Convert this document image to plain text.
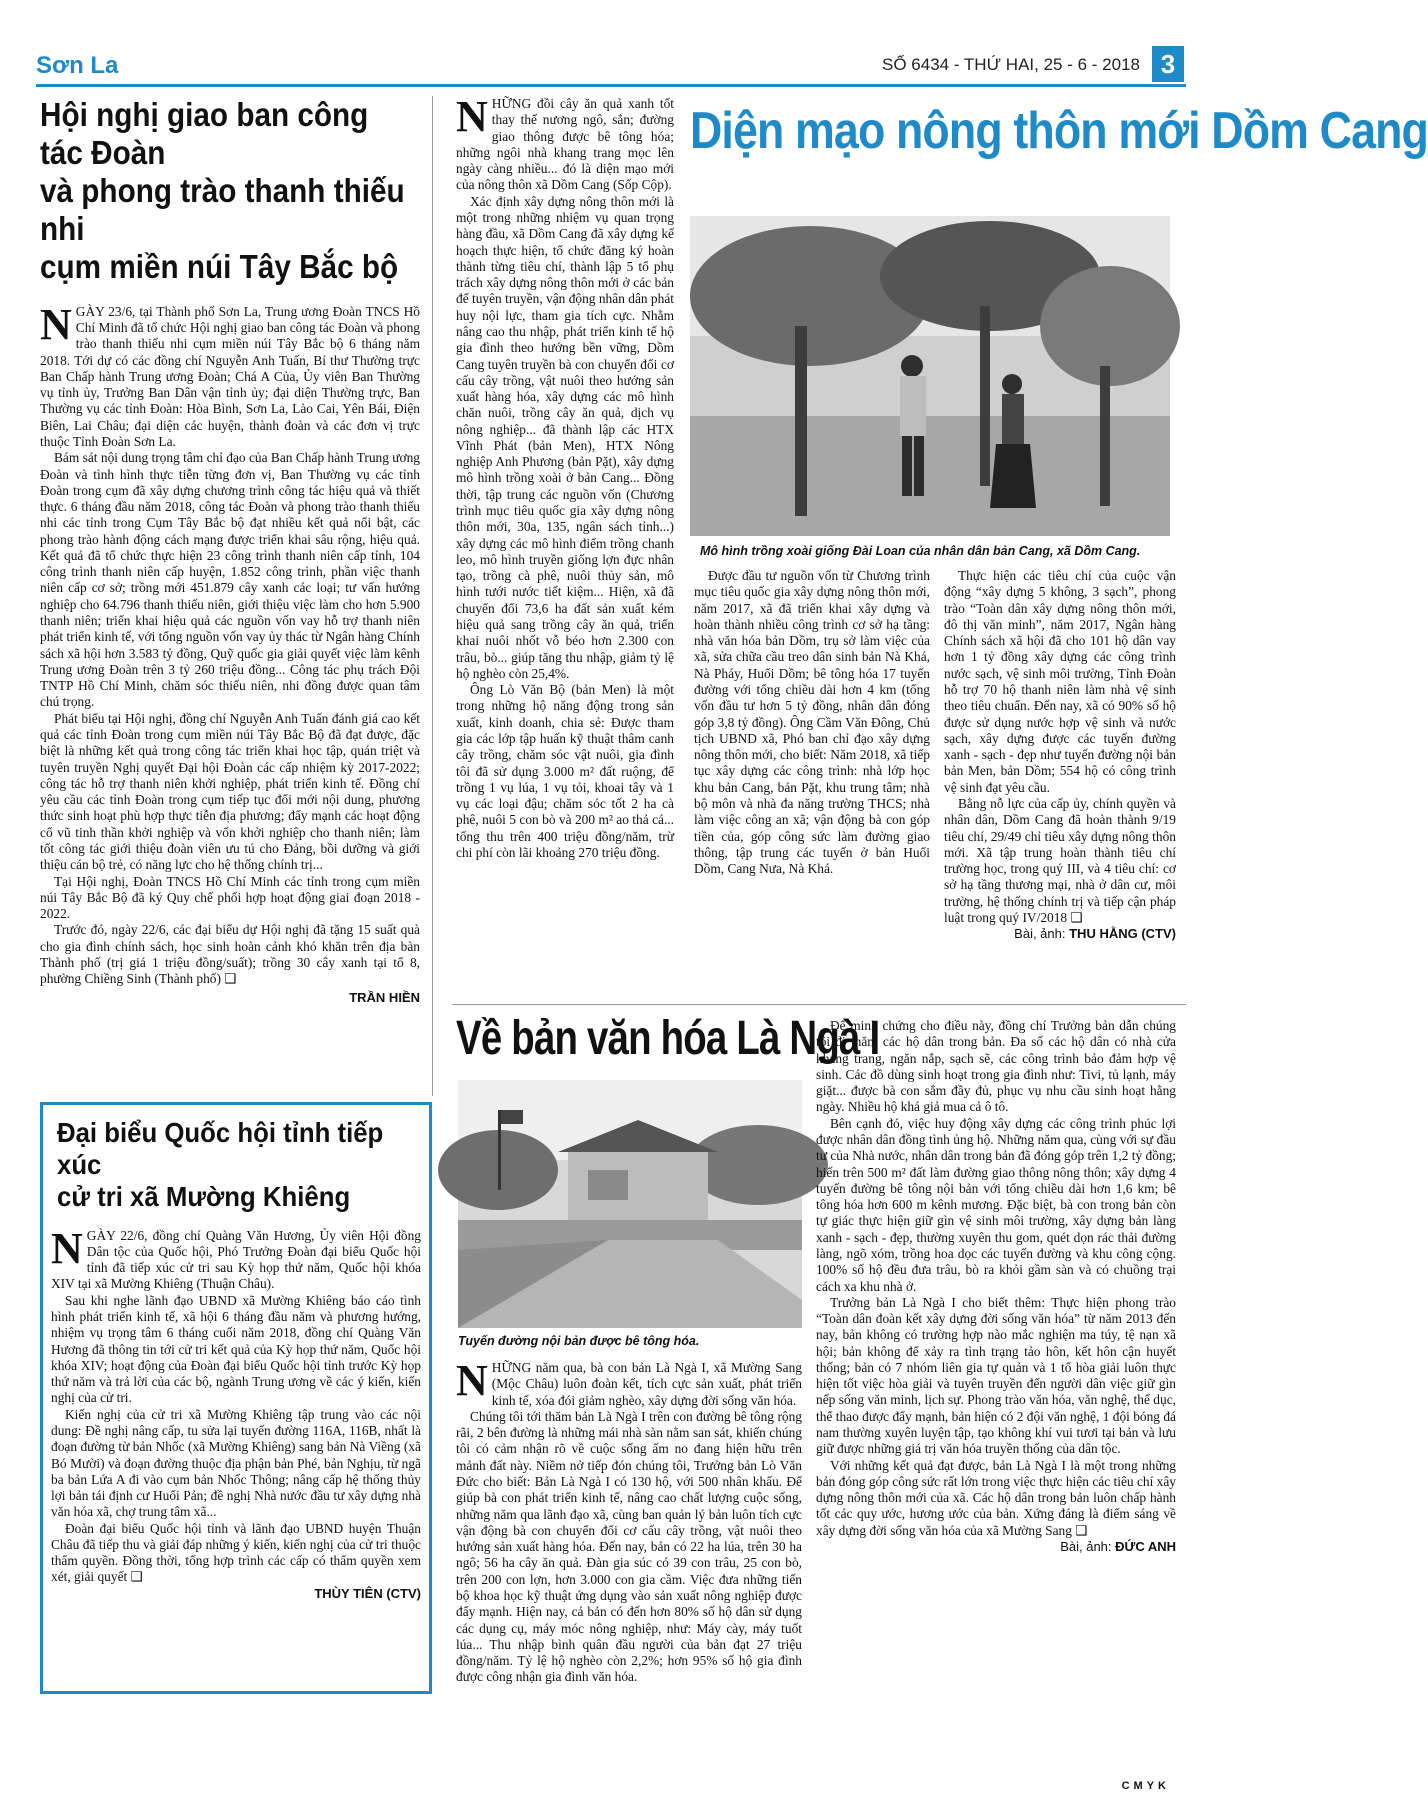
Sơn La	SỐ 6434 - THỨ HAI, 25 - 6 - 2018 3
Hội nghị giao ban công tác Đoàn
và phong trào thanh thiếu nhi
cụm miền núi Tây Bắc bộ

NGÀY 23/6, tại Thành phố Sơn La, Trung ương Đoàn TNCS Hồ Chí Minh đã tổ chức Hội nghị giao ban công tác Đoàn và phong trào thanh thiếu nhi cụm miền núi Tây Bắc bộ 6 tháng năm 2018. Tới dự có các đồng chí Nguyễn Anh Tuấn, Bí thư Thường trực Ban Chấp hành Trung ương Đoàn; Chá A Của, Ủy viên Ban Thường vụ tỉnh ủy, Trưởng Ban Dân vận tỉnh ủy; đại diện Thường trực, Ban Thường vụ các tỉnh Đoàn: Hòa Bình, Sơn La, Lào Cai, Yên Bái, Điện Biên, Lai Châu; đại diện các huyện, thành đoàn và các đơn vị trực thuộc Tỉnh Đoàn Sơn La.

Bám sát nội dung trọng tâm chỉ đạo của Ban Chấp hành Trung ương Đoàn và tình hình thực tiễn từng đơn vị, Ban Thường vụ các tỉnh Đoàn trong cụm đã xây dựng chương trình công tác hiệu quả và thiết thực. 6 tháng đầu năm 2018, công tác Đoàn và phong trào thanh thiếu nhi các tỉnh trong Cụm Tây Bắc bộ đạt nhiều kết quả nổi bật, các phong trào hành động cách mạng được triển khai sâu rộng, hiệu quả. Kết quả đã tổ chức thực hiện 23 công trình thanh niên cấp tỉnh, 104 công trình thanh niên cấp huyện, 1.852 công trình, phần việc thanh niên cấp cơ sở; trồng mới 451.879 cây xanh các loại; tư vấn hướng nghiệp cho 64.796 thanh thiếu niên, giới thiệu việc làm cho hơn 5.900 thanh niên; triển khai hiệu quả các nguồn vốn vay hỗ trợ thanh niên phát triển kinh tế, với tổng nguồn vốn vay ủy thác từ Ngân hàng Chính sách xã hội hơn 3.583 tỷ đồng, Quỹ quốc gia giải quyết việc làm kênh Trung ương Đoàn trên 3 tỷ 260 triệu đồng... Công tác phụ trách Đội TNTP Hồ Chí Minh, chăm sóc thiếu niên, nhi đồng được quan tâm chú trọng.

Phát biểu tại Hội nghị, đồng chí Nguyễn Anh Tuấn đánh giá cao kết quả các tỉnh Đoàn trong cụm miền núi Tây Bắc Bộ đã đạt được, đặc biệt là những kết quả trong công tác triển khai học tập, quán triệt và tuyên truyền Nghị quyết Đại hội Đoàn các cấp nhiệm kỳ 2017-2022; công tác hỗ trợ thanh niên khởi nghiệp, phát triển kinh tế. Đồng chí yêu cầu các tỉnh Đoàn trong cụm tiếp tục đổi mới nội dung, phương thức sinh hoạt phù hợp thực tiễn địa phương; đẩy mạnh các hoạt động cổ vũ tinh thần khởi nghiệp và vốn khởi nghiệp cho thanh niên; làm tốt công tác giới thiệu đoàn viên ưu tú cho Đảng, bồi dưỡng và giới thiệu cán bộ trẻ, có năng lực cho hệ thống chính trị...

Tại Hội nghị, Đoàn TNCS Hồ Chí Minh các tỉnh trong cụm miền núi Tây Bắc Bộ đã ký Quy chế phối hợp hoạt động giai đoạn 2018 - 2022.

Trước đó, ngày 22/6, các đại biểu dự Hội nghị đã tặng 15 suất quà cho gia đình chính sách, học sinh hoàn cảnh khó khăn trên địa bàn Thành phố (trị giá 1 triệu đồng/suất); trồng 30 cây xanh tại tổ 8, phường Chiềng Sinh (Thành phố) ❑

TRẦN HIỀN
Đại biểu Quốc hội tỉnh tiếp xúc
cử tri xã Mường Khiêng

NGÀY 22/6, đồng chí Quàng Văn Hương, Ủy viên Hội đồng Dân tộc của Quốc hội, Phó Trưởng Đoàn đại biểu Quốc hội tỉnh đã tiếp xúc cử tri sau Kỳ họp thứ năm, Quốc hội khóa XIV tại xã Mường Khiêng (Thuận Châu).

Sau khi nghe lãnh đạo UBND xã Mường Khiêng báo cáo tình hình phát triển kinh tế, xã hội 6 tháng đầu năm và phương hướng, nhiệm vụ trọng tâm 6 tháng cuối năm 2018, đồng chí Quàng Văn Hương đã thông tin tới cử tri kết quả của Kỳ họp thứ năm, Quốc hội khóa XIV; hoạt động của Đoàn đại biểu Quốc hội tỉnh trước Kỳ họp thứ năm và trả lời của các bộ, ngành Trung ương về các ý kiến, kiến nghị của cử tri.

Kiến nghị của cử tri xã Mường Khiêng tập trung vào các nội dung: Đề nghị nâng cấp, tu sửa lại tuyến đường 116A, 116B, nhất là đoạn đường từ bản Nhốc (xã Mường Khiêng) sang bản Nà Viềng (xã Bó Mười) và đoạn đường thuộc địa phận bản Phé, bản Nghịu, từ ngã ba bản Lứa A đi vào cụm bản Nhốc Thông; nâng cấp hệ thống thủy lợi bản tái định cư Huổi Pản; đề nghị Nhà nước đầu tư xây dựng nhà văn hóa xã, chợ trung tâm xã...

Đoàn đại biểu Quốc hội tỉnh và lãnh đạo UBND huyện Thuận Châu đã tiếp thu và giải đáp những ý kiến, kiến nghị của cử tri thuộc thẩm quyền. Đồng thời, tổng hợp trình các cấp có thẩm quyền xem xét, giải quyết ❑

THÙY TIÊN (CTV)

NHỮNG đồi cây ăn quả xanh tốt thay thế nương ngô, sắn; đường giao thông được bê tông hóa; những ngôi nhà khang trang mọc lên ngày càng nhiều... đó là diện mạo mới của nông thôn xã Dồm Cang (Sốp Cộp).

Xác định xây dựng nông thôn mới là một trong những nhiệm vụ quan trọng hàng đầu, xã Dồm Cang đã xây dựng kế hoạch thực hiện, tổ chức đăng ký hoàn thành từng tiêu chí, thành lập 5 tổ phụ trách xây dựng nông thôn mới ở các bản để tuyên truyền, vận động nhân dân phát huy nội lực, tham gia tích cực. Nhằm nâng cao thu nhập, phát triển kinh tế hộ gia đình theo hướng bền vững, Dồm Cang tuyên truyền bà con chuyển đổi cơ cấu cây trồng, vật nuôi theo hướng sản xuất hàng hóa, xây dựng các mô hình chăn nuôi, trồng cây ăn quả, dịch vụ nông nghiệp... đã thành lập các HTX Vĩnh Phát (bản Men), HTX Nông nghiệp Anh Phương (bản Pặt), xây dựng mô hình trồng xoài ở bản Cang... Đồng thời, tập trung các nguồn vốn (Chương trình mục tiêu quốc gia xây dựng nông thôn mới, 30a, 135, ngân sách tỉnh...) xây dựng các mô hình điểm trồng chanh leo, mô hình truyền giống lợn đực nhân tạo, trồng cà phê, nuôi thủy sản, mô hình tưới nước tiết kiệm... Hiện, xã đã chuyển đổi 73,6 ha đất sản xuất kém hiệu quả sang trồng cây ăn quả, triển khai nuôi nhốt vỗ béo hơn 2.300 con trâu, bò... giúp tăng thu nhập, giảm tỷ lệ hộ nghèo còn 25,4%.

Ông Lò Văn Bộ (bản Men) là một trong những hộ năng động trong sản xuất, kinh doanh, chia sẻ: Được tham gia các lớp tập huấn kỹ thuật thâm canh cây trồng, chăm sóc vật nuôi, gia đình tôi đã sử dụng 3.000 m² đất ruộng, để trồng 1 vụ lúa, 1 vụ tỏi, khoai tây và 1 vụ các loại đậu; chăm sóc tốt 2 ha cà phê, nuôi 5 con bò và 200 m² ao thả cá... tổng thu trên 400 triệu đồng/năm, trừ chi phí còn lãi khoảng 270 triệu đồng.

Diện mạo nông thôn mới Dồm Cang
Mô hình trồng xoài giống Đài Loan của nhân dân bản Cang, xã Dồm Cang.

Được đầu tư nguồn vốn từ Chương trình mục tiêu quốc gia xây dựng nông thôn mới, năm 2017, xã đã triển khai xây dựng và hoàn thành nhiều công trình cơ sở hạ tầng: nhà văn hóa bản Dồm, trụ sở làm việc của xã, sửa chữa cầu treo dân sinh bản Nà Khá, Nà Pháy, Huổi Dồm; bê tông hóa 17 tuyến đường với tổng chiều dài hơn 4 km (tổng vốn đầu tư hơn 5 tỷ đồng, nhân dân đóng góp 3,8 tỷ đồng). Ông Cầm Văn Đông, Chủ tịch UBND xã, Phó ban chỉ đạo xây dựng nông thôn mới, cho biết: Năm 2018, xã tiếp tục xây dựng các công trình: nhà lớp học khu bản Cang, bản Pặt, khu trung tâm; nhà bộ môn và nhà đa năng trường THCS; nhà làm việc công an xã; vận động bà con góp tiền của, góp công sức làm đường giao thông, tập trung các tuyến ở bản Huổi Dồm, Cang Nưa, Nà Khá.

Thực hiện các tiêu chí của cuộc vận động “xây dựng 5 không, 3 sạch”, phong trào “Toàn dân xây dựng nông thôn mới, đô thị văn minh”, năm 2017, Ngân hàng Chính sách xã hội đã cho 101 hộ dân vay hơn 1 tỷ đồng xây dựng các công trình nước sạch, vệ sinh môi trường, Tỉnh Đoàn hỗ trợ 70 hộ thanh niên làm nhà vệ sinh theo tiêu chuẩn. Đến nay, xã có 90% số hộ được sử dụng nước hợp vệ sinh và nước sạch, xây dựng được các tuyến đường xanh - sạch - đẹp như tuyến đường nội bản bản Men, bản Dồm; 554 hộ có công trình vệ sinh đạt yêu cầu.

Bằng nỗ lực của cấp ủy, chính quyền và nhân dân, Dồm Cang đã hoàn thành 9/19 tiêu chí, 29/49 chỉ tiêu xây dựng nông thôn mới. Xã tập trung hoàn thành tiêu chí trường học, trong quý III, và 4 tiêu chí: cơ sở hạ tầng thương mại, nhà ở dân cư, môi trường, hệ thống chính trị và tiếp cận pháp luật trong quý IV/2018 ❑

Bài, ảnh: THU HẰNG (CTV)
Về bản văn hóa Là Ngà I
Tuyến đường nội bản được bê tông hóa.

NHỮNG năm qua, bà con bản Là Ngà I, xã Mường Sang (Mộc Châu) luôn đoàn kết, tích cực sản xuất, phát triển kinh tế, xóa đói giảm nghèo, xây dựng đời sống văn hóa.

Chúng tôi tới thăm bản Là Ngà I trên con đường bê tông rộng rãi, 2 bên đường là những mái nhà sàn nằm san sát, khiến chúng tôi có cảm nhận rõ về cuộc sống ấm no đang hiện hữu trên mảnh đất này. Niềm nở tiếp đón chúng tôi, Trưởng bản Lò Văn Đức cho biết: Bản Là Ngà I có 130 hộ, với 500 nhân khẩu. Để giúp bà con phát triển kinh tế, nâng cao chất lượng cuộc sống, những năm qua lãnh đạo xã, cùng ban quản lý bản luôn tích cực vận động bà con chuyển đổi cơ cấu cây trồng, vật nuôi theo hướng sản xuất hàng hóa. Đến nay, bản có 22 ha lúa, trên 30 ha ngô; 56 ha cây ăn quả. Đàn gia súc có 39 con trâu, 25 con bò, trên 200 con lợn, hơn 3.000 con gia cầm. Việc đưa những tiến bộ khoa học kỹ thuật ứng dụng vào sản xuất nông nghiệp được đẩy mạnh. Hiện nay, cả bản có đến hơn 80% số hộ dân sử dụng các dụng cụ, máy móc nông nghiệp, như: Máy cày, máy tuốt lúa... Thu nhập bình quân đầu người của bản đạt 27 triệu đồng/năm. Tỷ lệ hộ nghèo còn 2,2%; hơn 95% số hộ gia đình được công nhận gia đình văn hóa.

Để minh chứng cho điều này, đồng chí Trưởng bản dẫn chúng tôi đi thăm các hộ dân trong bản. Đa số các hộ dân có nhà cửa khang trang, ngăn nắp, sạch sẽ, các công trình bảo đảm hợp vệ sinh. Các đồ dùng sinh hoạt trong gia đình như: Tivi, tủ lạnh, máy giặt... được bà con sắm đầy đủ, phục vụ nhu cầu sinh hoạt hằng ngày. Nhiều hộ khá giả mua cả ô tô.

Bên cạnh đó, việc huy động xây dựng các công trình phúc lợi được nhân dân đồng tình ủng hộ. Những năm qua, cùng với sự đầu tư của Nhà nước, nhân dân trong bản đã đóng góp trên 1,2 tỷ đồng; hiến trên 500 m² đất làm đường giao thông nông thôn; xây dựng 4 tuyến đường bê tông nội bản với tổng chiều dài hơn 1,6 km; bê tông hóa hơn 600 m kênh mương. Đặc biệt, bà con trong bản còn tự giác thực hiện giữ gìn vệ sinh môi trường, xây dựng bản làng xanh - sạch - đẹp, thường xuyên thu gom, quét dọn rác thải đường làng, ngõ xóm, trồng hoa dọc các tuyến đường và khu công cộng. 100% số hộ đều đưa trâu, bò ra khỏi gầm sàn và có chuồng trại cách xa khu nhà ở.

Trưởng bản Là Ngà I cho biết thêm: Thực hiện phong trào “Toàn dân đoàn kết xây dựng đời sống văn hóa” từ năm 2013 đến nay, bản không có trường hợp nào mắc nghiện ma túy, tệ nạn xã hội; bản không để xảy ra tình trạng tảo hôn, kết hôn cận huyết thống; bản có 7 nhóm liên gia tự quản và 1 tổ hòa giải luôn thực hiện tốt việc hòa giải và tuyên truyền đến người dân việc giữ gìn nếp sống văn minh, lịch sự. Phong trào văn hóa, văn nghệ, thể dục, thể thao được đẩy mạnh, bản hiện có 2 đội văn nghệ, 1 đội bóng đá nam thường xuyên luyện tập, tạo không khí vui tươi tại bản và lưu giữ được những giá trị văn hóa truyền thống của dân tộc.

Với những kết quả đạt được, bản Là Ngà I là một trong những bản đóng góp công sức rất lớn trong việc thực hiện các tiêu chí xây dựng nông thôn mới của xã. Các hộ dân trong bản luôn chấp hành tốt các quy ước, hương ước của bản. Xứng đáng là điểm sáng về xây dựng đời sống văn hóa của xã Mường Sang ❑

Bài, ảnh: ĐỨC ANH
CMYK
